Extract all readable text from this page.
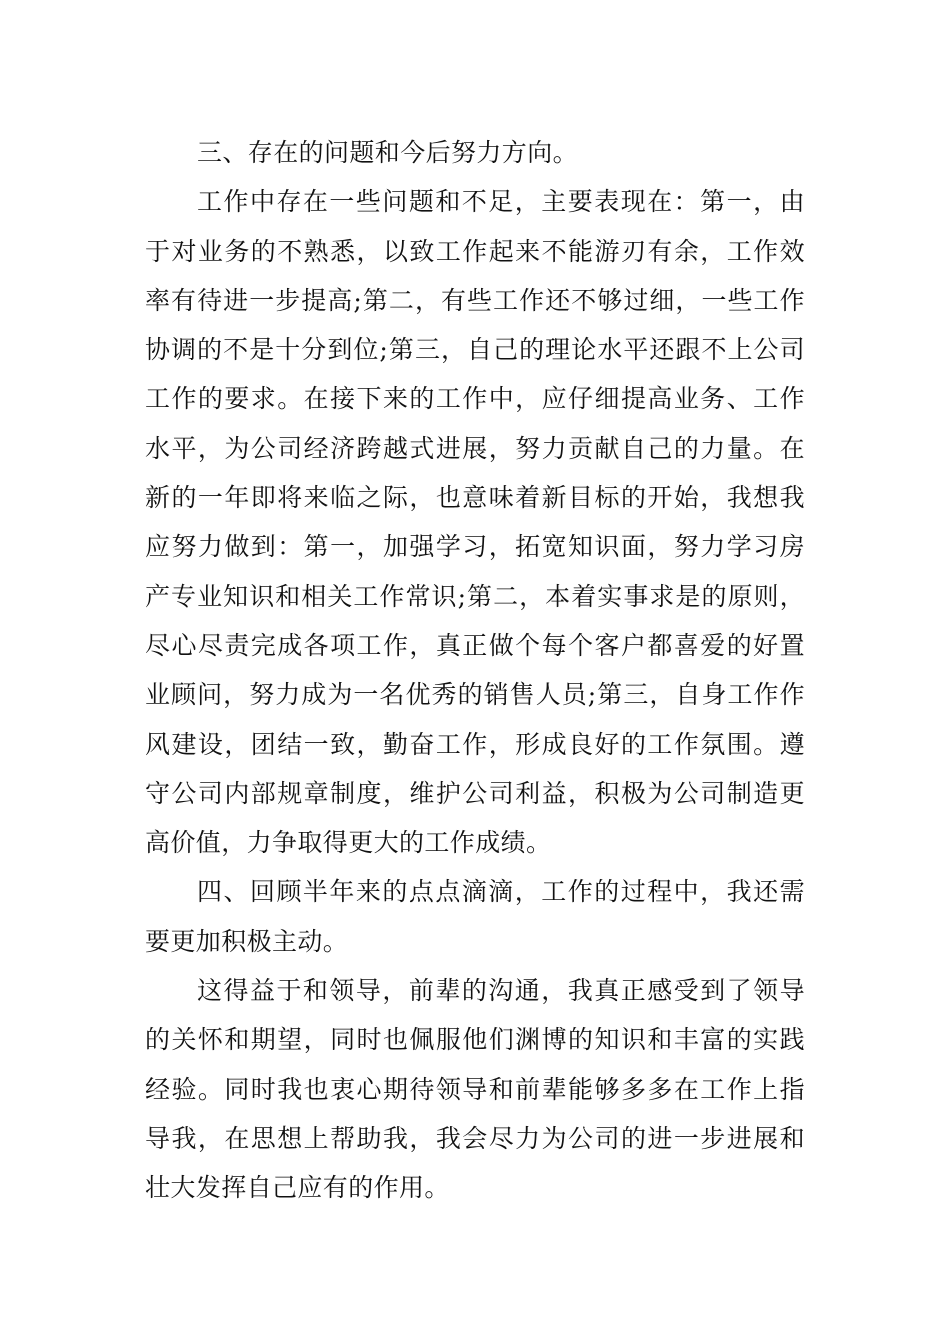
三、存在的问题和今后努力方向。

工作中存在一些问题和不足，主要表现在：第一，由于对业务的不熟悉，以致工作起来不能游刃有余，工作效率有待进一步提高;第二，有些工作还不够过细，一些工作协调的不是十分到位;第三，自己的理论水平还跟不上公司工作的要求。在接下来的工作中，应仔细提高业务、工作水平，为公司经济跨越式进展，努力贡献自己的力量。在新的一年即将来临之际，也意味着新目标的开始，我想我应努力做到：第一，加强学习，拓宽知识面，努力学习房产专业知识和相关工作常识;第二，本着实事求是的原则，尽心尽责完成各项工作，真正做个每个客户都喜爱的好置业顾问，努力成为一名优秀的销售人员;第三，自身工作作风建设，团结一致，勤奋工作，形成良好的工作氛围。遵守公司内部规章制度，维护公司利益，积极为公司制造更高价值，力争取得更大的工作成绩。

四、回顾半年来的点点滴滴，工作的过程中，我还需要更加积极主动。

这得益于和领导，前辈的沟通，我真正感受到了领导的关怀和期望，同时也佩服他们渊博的知识和丰富的实践经验。同时我也衷心期待领导和前辈能够多多在工作上指导我，在思想上帮助我，我会尽力为公司的进一步进展和壮大发挥自己应有的作用。
